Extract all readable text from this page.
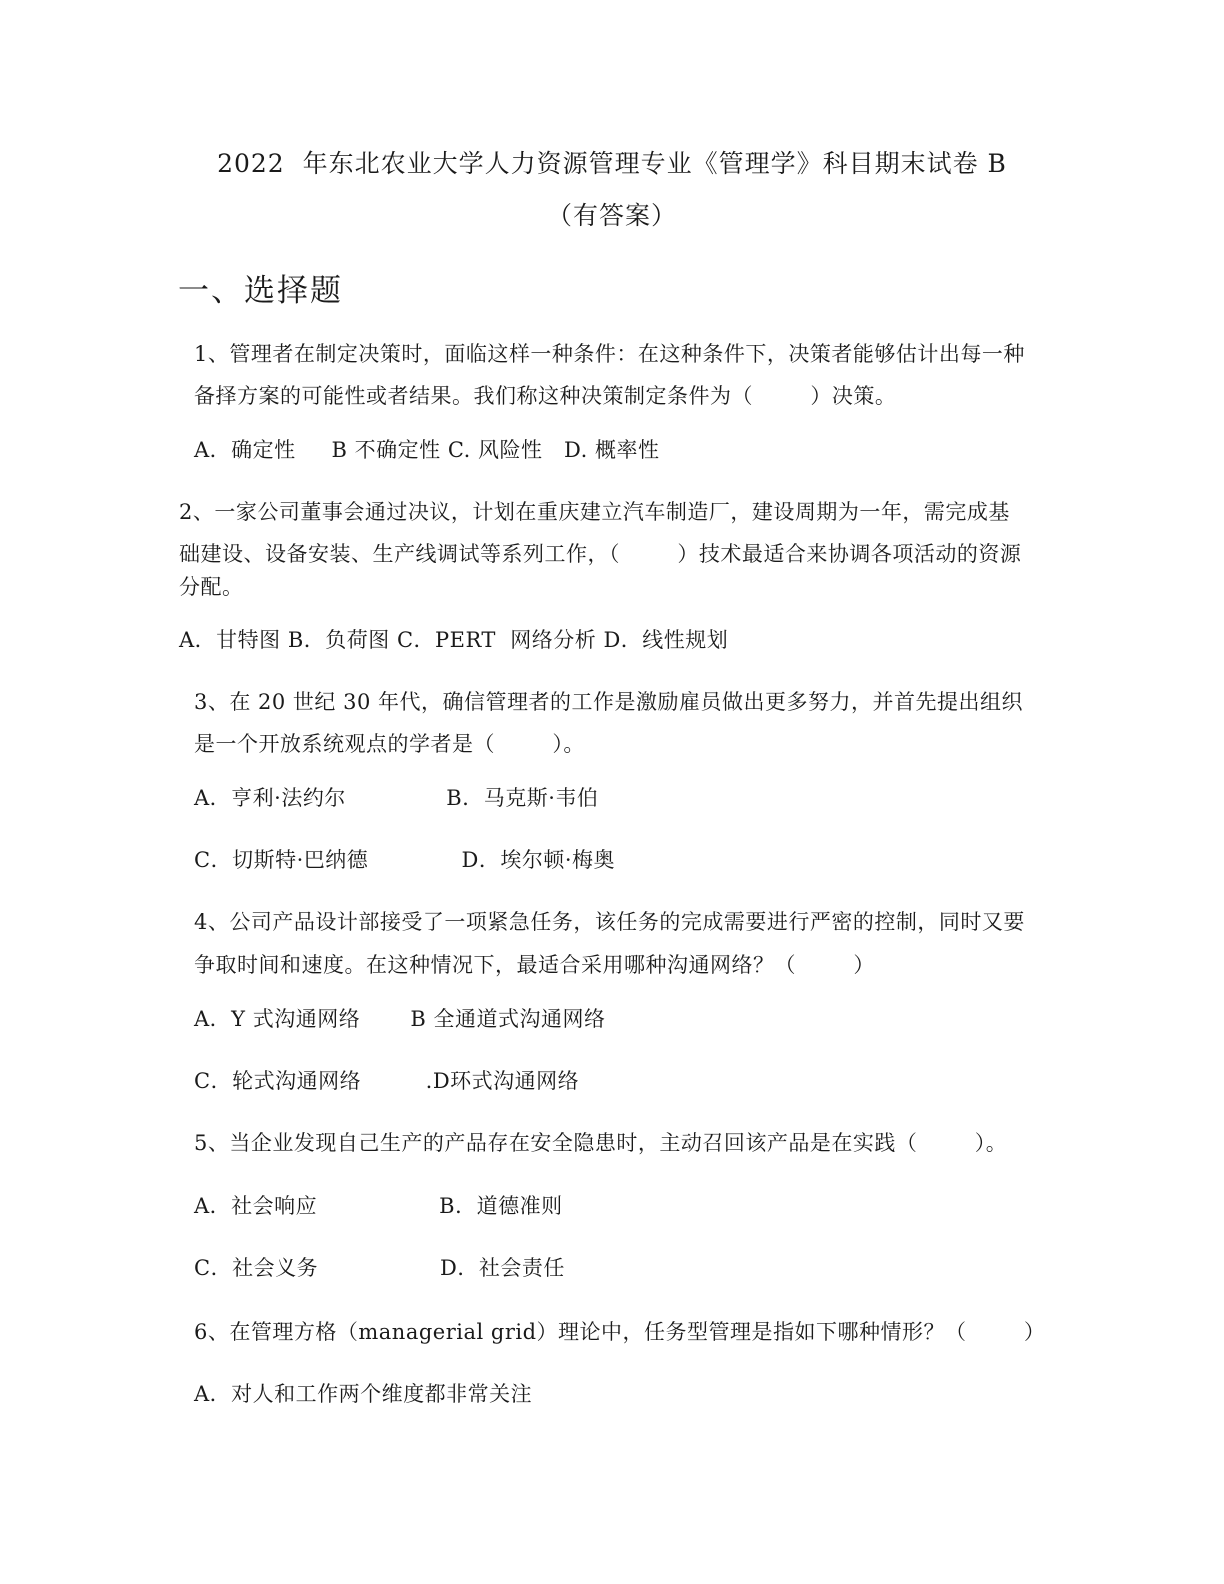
2022  年东北农业大学人力资源管理专业《管理学》科目期末试卷 B
（有答案）
一、选择题
1、管理者在制定决策时，面临这样一种条件：在这种条件下，决策者能够估计出每一种
备择方案的可能性或者结果。我们称这种决策制定条件为（        ）决策。
A．确定性     B 不确定性 C. 风险性   D. 概率性
2、一家公司董事会通过决议，计划在重庆建立汽车制造厂，建设周期为一年，需完成基
础建设、设备安装、生产线调试等系列工作，（        ）技术最适合来协调各项活动的资源
分配。
A．甘特图 B．负荷图 C．PERT  网络分析 D．线性规划
3、在 20 世纪 30 年代，确信管理者的工作是激励雇员做出更多努力，并首先提出组织
是一个开放系统观点的学者是（        ）。
A．亨利·法约尔              B．马克斯·韦伯
C．切斯特·巴纳德             D．埃尔顿·梅奥
4、公司产品设计部接受了一项紧急任务，该任务的完成需要进行严密的控制，同时又要
争取时间和速度。在这种情况下，最适合采用哪种沟通网络？（        ）
A．Y 式沟通网络       B 全通道式沟通网络
C．轮式沟通网络         .D环式沟通网络
5、当企业发现自己生产的产品存在安全隐患时，主动召回该产品是在实践（        ）。
A．社会响应                 B．道德准则
C．社会义务                 D．社会责任
6、在管理方格（managerial grid）理论中，任务型管理是指如下哪种情形？（        ）
A．对人和工作两个维度都非常关注
